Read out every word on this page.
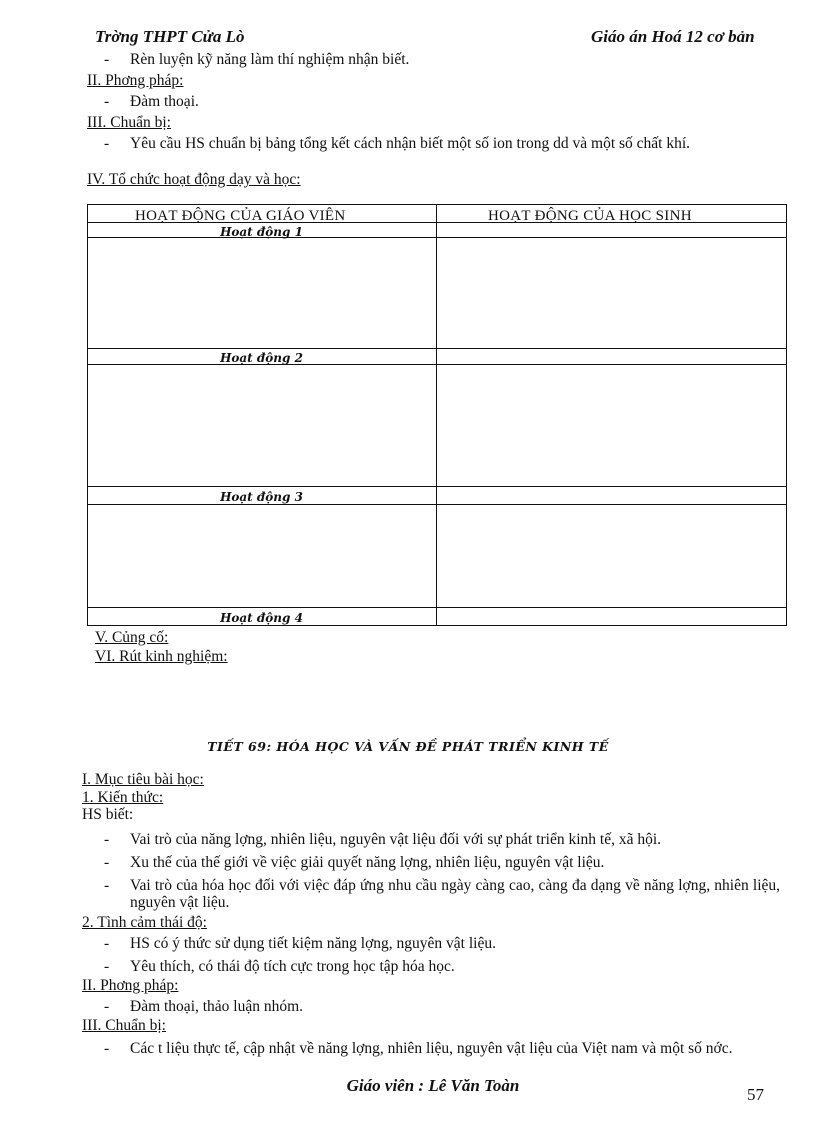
Trờng THPT Cửa Lò	Giáo án Hoá 12 cơ bản
- Rèn luyện kỹ năng làm thí nghiệm nhận biết.
II. Phơng pháp:
- Đàm thoại.
III. Chuẩn bị:
- Yêu cầu HS chuẩn bị bảng tổng kết cách nhận biết một số ion trong dd và một số chất khí.
IV. Tổ chức hoạt động dạy và học:
HOẠT ĐỘNG CỦA GIÁO VIÊN	HOẠT ĐỘNG CỦA HỌC SINH
Hoạt động 1
Hoạt động 2
Hoạt động 3
Hoạt động 4
V. Củng cố:
VI. Rút kinh nghiệm:
TIẾT 69: HÓA HỌC VÀ VẤN ĐỀ PHÁT TRIỂN KINH TẾ
I. Mục tiêu bài học:
1. Kiến thức:
HS biết:
- Vai trò của năng lợng, nhiên liệu, nguyên vật liệu đối với sự phát triển kinh tế, xã hội.
- Xu thế của thế giới về việc giải quyết năng lợng, nhiên liệu, nguyên vật liệu.
- Vai trò của hóa học đối với việc đáp ứng nhu cầu ngày càng cao, càng đa dạng về năng lợng, nhiên liệu, nguyên vật liệu.
2. Tình cảm thái độ:
- HS có ý thức sử dụng tiết kiệm năng lợng, nguyên vật liệu.
- Yêu thích, có thái độ tích cực trong học tập hóa học.
II. Phơng pháp:
- Đàm thoại, thảo luận nhóm.
III. Chuẩn bị:
- Các t liệu thực tế, cập nhật về năng lợng, nhiên liệu, nguyên vật liệu của Việt nam và một số nớc.
Giáo viên : Lê Văn Toàn	57
